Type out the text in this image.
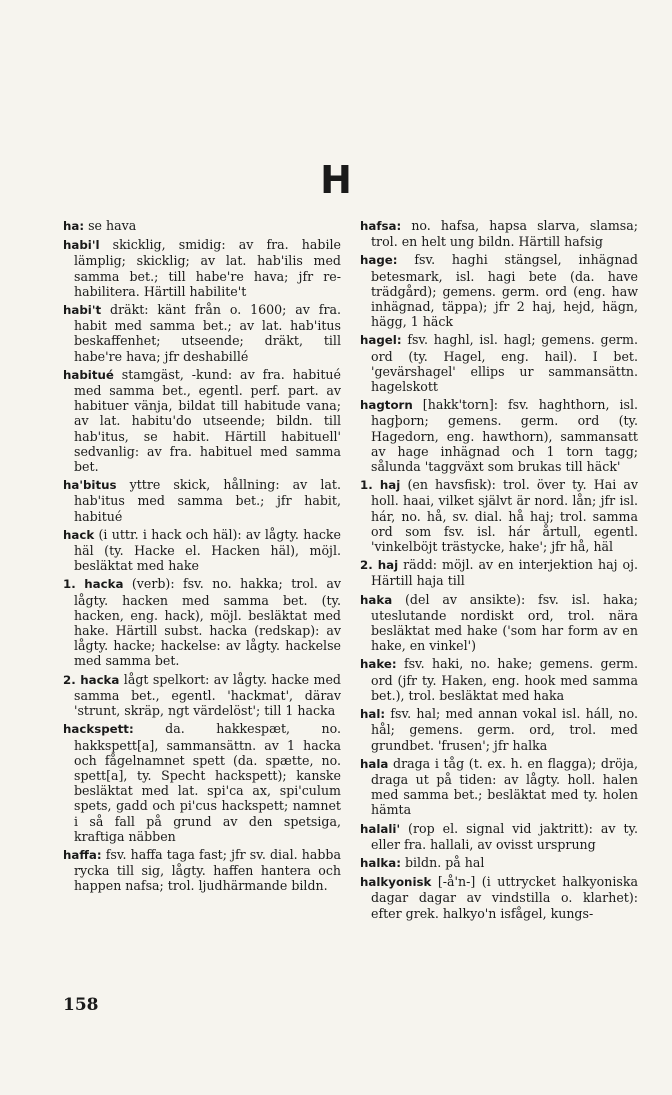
H

ha: se hava

habi'l skicklig, smidig: av fra. habile lämplig; skicklig; av lat. hab'ilis med samma bet.; till habe're hava; jfr re-habilitera. Härtill habilite't

habi't dräkt: känt från o. 1600; av fra. habit med samma bet.; av lat. hab'itus beskaffenhet; utseende; dräkt, till habe're hava; jfr deshabillé

habitué stamgäst, -kund: av fra. habitué med samma bet., egentl. perf. part. av habituer vänja, bildat till habitude vana; av lat. habitu'do utseende; bildn. till hab'itus, se habit. Härtill habituell' sedvanlig: av fra. habituel med samma bet.

ha'bitus yttre skick, hållning: av lat. hab'itus med samma bet.; jfr habit, habitué

hack (i uttr. i hack och häl): av lågty. hacke häl (ty. Hacke el. Hacken häl), möjl. besläktat med hake

1. hacka (verb): fsv. no. hakka; trol. av lågty. hacken med samma bet. (ty. hacken, eng. hack), möjl. besläktat med hake. Härtill subst. hacka (redskap): av lågty. hacke; hackelse: av lågty. hackelse med samma bet.

2. hacka lågt spelkort: av lågty. hacke med samma bet., egentl. 'hackmat', därav 'strunt, skräp, ngt värdelöst'; till 1 hacka

hackspett: da. hakkespæt, no. hakkspett[a], sammansättn. av 1 hacka och fågelnamnet spett (da. spætte, no. spett[a], ty. Specht hackspett); kanske besläktat med lat. spi'ca ax, spi'culum spets, gadd och pi'cus hackspett; namnet i så fall på grund av den spetsiga, kraftiga näbben

haffa: fsv. haffa taga fast; jfr sv. dial. habba rycka till sig, lågty. haffen hantera och happen nafsa; trol. ljudhärmande bildn.

hafsa: no. hafsa, hapsa slarva, slamsa; trol. en helt ung bildn. Härtill hafsig

hage: fsv. haghi stängsel, inhägnad betesmark, isl. hagi bete (da. have trädgård); gemens. germ. ord (eng. haw inhägnad, täppa); jfr 2 haj, hejd, hägn, hägg, 1 häck

hagel: fsv. haghl, isl. hagl; gemens. germ. ord (ty. Hagel, eng. hail). I bet. 'gevärshagel' ellips ur sammansättn. hagelskott

hagtorn [hakk'torn]: fsv. haghthorn, isl. hagþorn; gemens. germ. ord (ty. Hagedorn, eng. hawthorn), sammansatt av hage inhägnad och 1 torn tagg; sålunda 'taggväxt som brukas till häck'

1. haj (en havsfisk): trol. över ty. Hai av holl. haai, vilket självt är nord. lån; jfr isl. hár, no. hå, sv. dial. hå haj; trol. samma ord som fsv. isl. hár årtull, egentl. 'vinkelböjt trästycke, hake'; jfr hå, häl

2. haj rädd: möjl. av en interjektion haj oj. Härtill haja till

haka (del av ansikte): fsv. isl. haka; uteslutande nordiskt ord, trol. nära besläktat med hake ('som har form av en hake, en vinkel')

hake: fsv. haki, no. hake; gemens. germ. ord (jfr ty. Haken, eng. hook med samma bet.), trol. besläktat med haka

hal: fsv. hal; med annan vokal isl. háll, no. hål; gemens. germ. ord, trol. med grundbet. 'frusen'; jfr halka

hala draga i tåg (t. ex. h. en flagga); dröja, draga ut på tiden: av lågty. holl. halen med samma bet.; besläktat med ty. holen hämta

halali' (rop el. signal vid jaktritt): av ty. eller fra. hallali, av ovisst ursprung

halka: bildn. på hal

halkyonisk [-å'n-] (i uttrycket halkyoniska dagar dagar av vindstilla o. klarhet): efter grek. halkyo'n isfågel, kungs-

158
